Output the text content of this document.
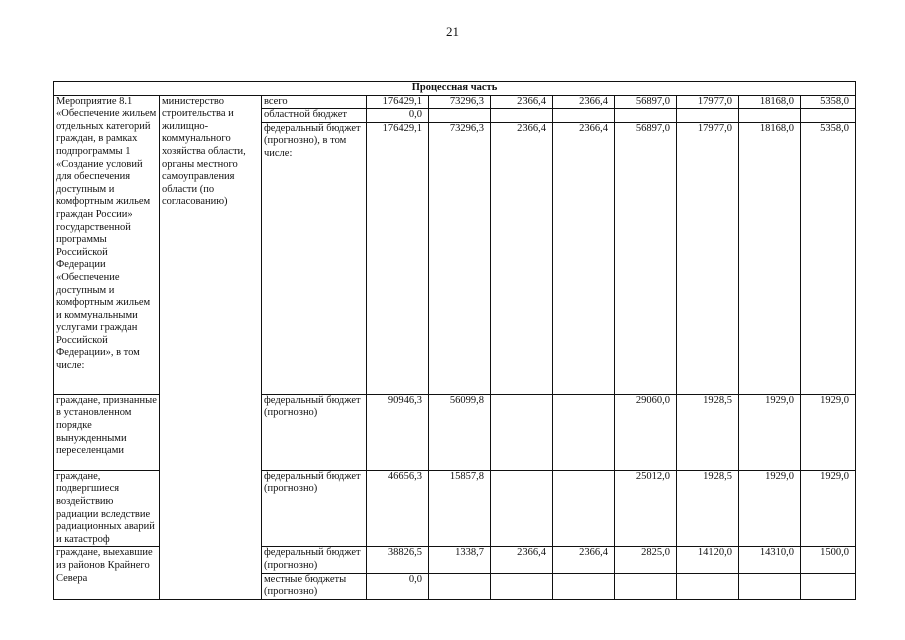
21
Процессная часть										
Мероприятие 8.1 «Обеспечение жильем отдельных категорий граждан, в рамках подпрограммы 1 «Создание условий для обеспечения доступным и комфортным жильем граждан России» государственной программы Российской Федерации «Обеспечение доступным и комфортным жильем и коммунальными услугами граждан Российской Федерации», в том числе:	министерство строительства и жилищно-коммунального хозяйства области, органы местного самоуправления области (по согласованию)	всего	176429,1	73296,3	2366,4	2366,4	56897,0	17977,0	18168,0	5358,0
		областной бюджет	0,0							
		федеральный бюджет (прогнозно), в том числе:	176429,1	73296,3	2366,4	2366,4	56897,0	17977,0	18168,0	5358,0
граждане, признанные в установленном порядке вынужденными переселенцами		федеральный бюджет (прогнозно)	90946,3	56099,8			29060,0	1928,5	1929,0	1929,0
граждане, подвергшиеся воздействию радиации вследствие радиационных аварий и катастроф		федеральный бюджет (прогнозно)	46656,3	15857,8			25012,0	1928,5	1929,0	1929,0
граждане, выехавшие из районов Крайнего Севера		федеральный бюджет (прогнозно)	38826,5	1338,7	2366,4	2366,4	2825,0	14120,0	14310,0	1500,0
		местные бюджеты (прогнозно)	0,0							
